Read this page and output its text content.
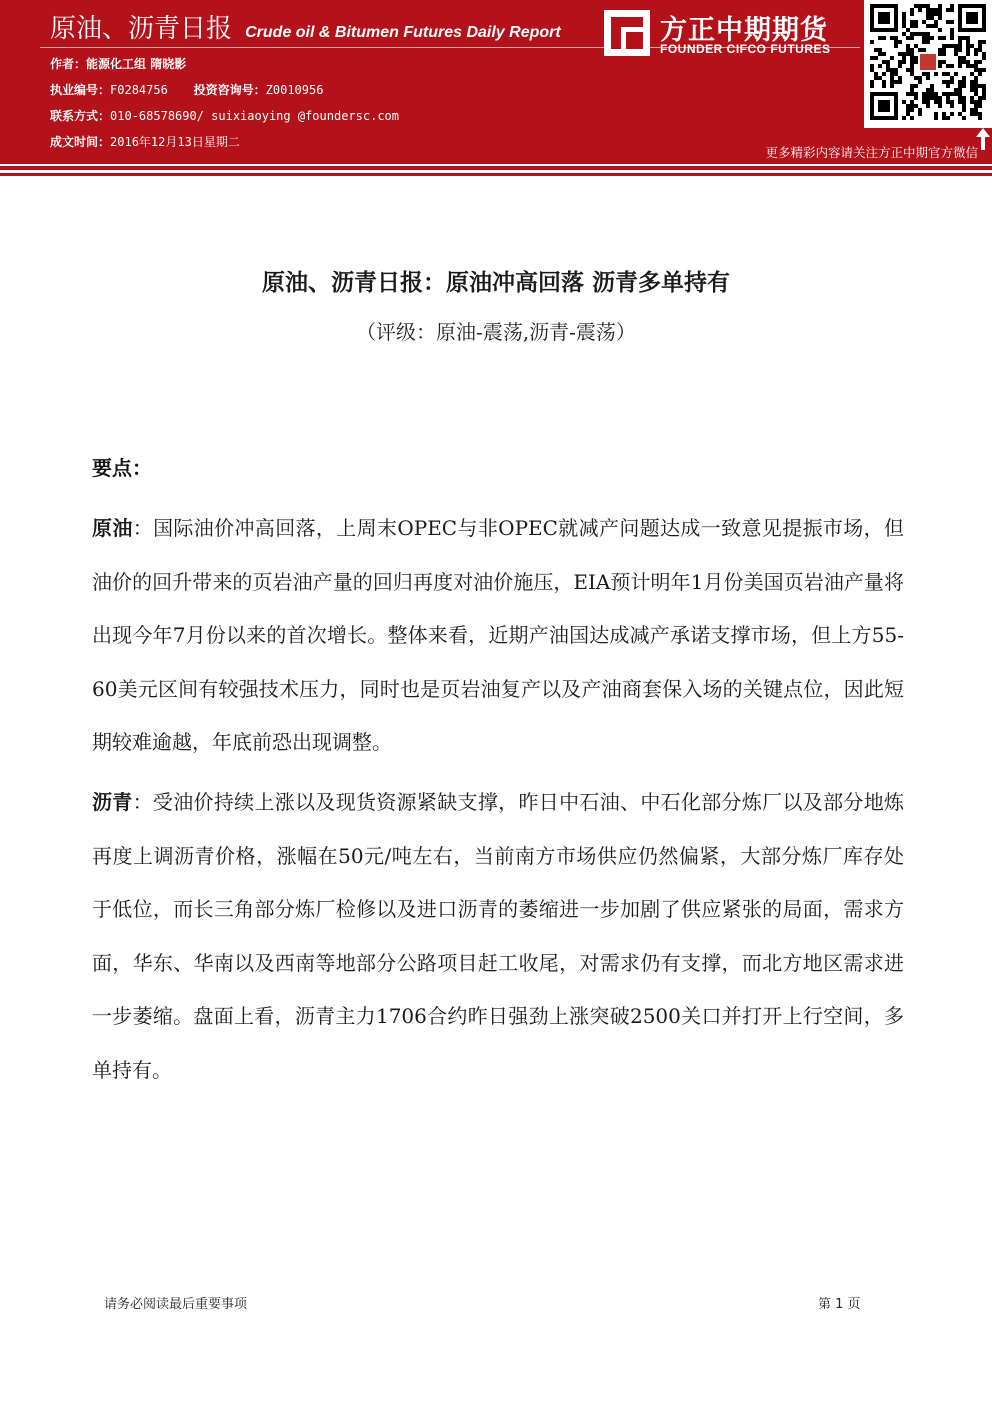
原油、沥青日报 Crude oil & Bitumen Futures Daily Report
作者：能源化工组 隋晓影
执业编号：F0284756 投资咨询号：Z0010956
联系方式：010-68578690/ suixiaoying @foundersc.com
成文时间：2016年12月13日星期二
方正中期期货
FOUNDER CIFCO FUTURES
更多精彩内容请关注方正中期官方微信
原油、沥青日报：原油冲高回落 沥青多单持有
（评级：原油-震荡,沥青-震荡）
要点：
原油：国际油价冲高回落，上周末OPEC与非OPEC就减产问题达成一致意见提振市场，但油价的回升带来的页岩油产量的回归再度对油价施压，EIA预计明年1月份美国页岩油产量将出现今年7月份以来的首次增长。整体来看，近期产油国达成减产承诺支撑市场，但上方55-60美元区间有较强技术压力，同时也是页岩油复产以及产油商套保入场的关键点位，因此短期较难逾越，年底前恐出现调整。
沥青：受油价持续上涨以及现货资源紧缺支撑，昨日中石油、中石化部分炼厂以及部分地炼再度上调沥青价格，涨幅在50元/吨左右，当前南方市场供应仍然偏紧，大部分炼厂库存处于低位，而长三角部分炼厂检修以及进口沥青的萎缩进一步加剧了供应紧张的局面，需求方面，华东、华南以及西南等地部分公路项目赶工收尾，对需求仍有支撑，而北方地区需求进一步萎缩。盘面上看，沥青主力1706合约昨日强劲上涨突破2500关口并打开上行空间，多单持有。
请务必阅读最后重要事项	第 1 页
